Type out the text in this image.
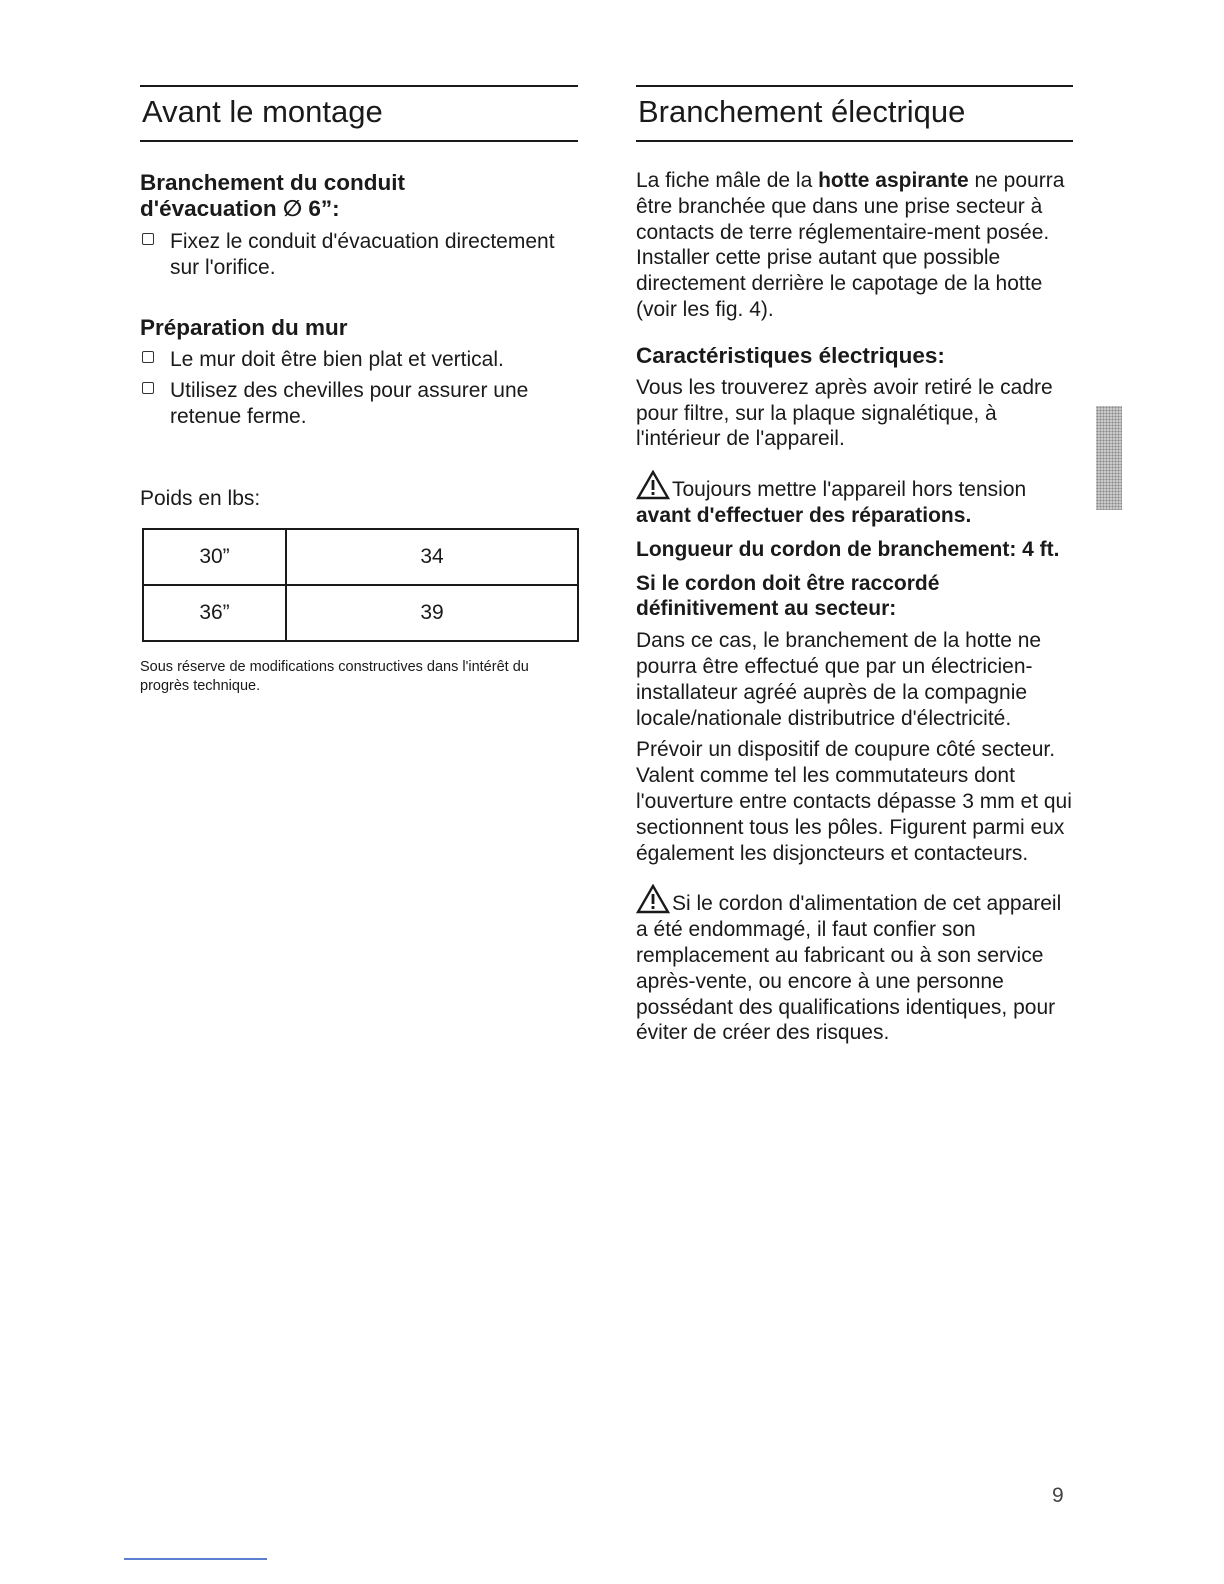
Avant le montage
Branchement du conduit
d'évacuation ∅ 6”:
Fixez le conduit d'évacuation directement sur l'orifice.
Préparation du mur
Le mur doit être bien plat et vertical.
Utilisez des chevilles pour assurer une retenue ferme.

Poids en lbs:

30”	34
36”	39

Sous réserve de modifications constructives dans l'intérêt du progrès technique.

Branchement électrique

La fiche mâle de la hotte aspirante ne pourra être branchée que dans une prise secteur à contacts de terre réglementaire-ment posée. Installer cette prise autant que possible directement derrière le capotage de la hotte (voir les fig. 4).

Caractéristiques électriques:

Vous les trouverez après avoir retiré le cadre pour filtre, sur la plaque signalétique, à l'intérieur de l'appareil.

Toujours mettre l'appareil hors tension
avant d'effectuer des réparations.

Longueur du cordon de branchement: 4 ft.

Si le cordon doit être raccordé définitivement au secteur:

Dans ce cas, le branchement de la hotte ne pourra être effectué que par un électricien-installateur agréé auprès de la compagnie locale/nationale distributrice d'électricité.

Prévoir un dispositif de coupure côté secteur. Valent comme tel les commutateurs dont l'ouverture entre contacts dépasse 3 mm et qui sectionnent tous les pôles. Figurent parmi eux également les disjoncteurs et contacteurs.

Si le cordon d'alimentation de cet appareil a été endommagé, il faut confier son remplacement au fabricant ou à son service après-vente, ou encore à une personne possédant des qualifications identiques, pour éviter de créer des risques.

9
